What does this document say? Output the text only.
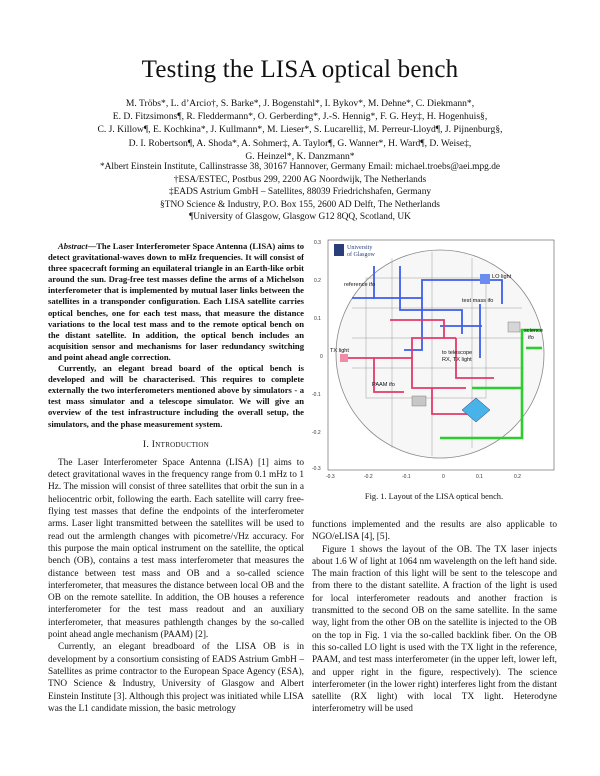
Testing the LISA optical bench
M. Tröbs*, L. d’Arcio†, S. Barke*, J. Bogenstahl*, I. Bykov*, M. Dehne*, C. Diekmann*,
E. D. Fitzsimons¶, R. Fleddermann*, O. Gerberding*, J.-S. Hennig*, F. G. Hey‡, H. Hogenhuis§,
C. J. Killow¶, E. Kochkina*, J. Kullmann*, M. Lieser*, S. Lucarelli‡, M. Perreur-Lloyd¶, J. Pijnenburg§,
D. I. Robertson¶, A. Shoda*, A. Sohmer‡, A. Taylor¶, G. Wanner*, H. Ward¶, D. Weise‡,
G. Heinzel*, K. Danzmann*
*Albert Einstein Institute, Callinstrasse 38, 30167 Hannover, Germany Email: michael.troebs@aei.mpg.de
†ESA/ESTEC, Postbus 299, 2200 AG Noordwijk, The Netherlands
‡EADS Astrium GmbH – Satellites, 88039 Friedrichshafen, Germany
§TNO Science & Industry, P.O. Box 155, 2600 AD Delft, The Netherlands
¶University of Glasgow, Glasgow G12 8QQ, Scotland, UK

Abstract—The Laser Interferometer Space Antenna (LISA) aims to detect gravitational-waves down to mHz frequencies. It will consist of three spacecraft forming an equilateral triangle in an Earth-like orbit around the sun. Drag-free test masses define the arms of a Michelson interferometer that is implemented by mutual laser links between the satellites in a transponder configuration. Each LISA satellite carries optical benches, one for each test mass, that measure the distance variations to the local test mass and to the remote optical bench on the distant satellite. In addition, the optical bench includes an acquisition sensor and mechanisms for laser redundancy switching and point ahead angle correction.

Currently, an elegant bread board of the optical bench is developed and will be characterised. This requires to complete externally the two interferometers mentioned above by simulators - a test mass simulator and a telescope simulator. We will give an overview of the test infrastructure including the overall setup, the simulators, and the phase measurement system.

I. Introduction

The Laser Interferometer Space Antenna (LISA) [1] aims to detect gravitational waves in the frequency range from 0.1 mHz to 1 Hz. The mission will consist of three satellites that orbit the sun in a heliocentric orbit, following the earth. Each satellite will carry free-flying test masses that define the endpoints of the interferometer arms. Laser light transmitted between the satellites will be used to read out the armlength changes with picometre/√Hz accuracy. For this purpose the main optical instrument on the satellite, the optical bench (OB), contains a test mass interferometer that measures the distance between test mass and OB and a so-called science interferometer, that measures the distance between local OB and the OB on the remote satellite. In addition, the OB houses a reference interferometer for the test mass readout and an auxiliary interferometer, that measures pathlength changes by the so-called point ahead angle mechanism (PAAM) [2].

Currently, an elegant breadboard of the LISA OB is in development by a consortium consisting of EADS Astrium GmbH – Satellites as prime contractor to the European Space Agency (ESA), TNO Science & Industry, University of Glasgow and Albert Einstein Institute [3]. Although this project was initiated while LISA was the L1 candidate mission, the basic metrology

University
of Glasgow
LO light
reference ifo
test mass ifo
science
ifo
TX light	to telescope
RX, TX light
PAAM ifo
-0.3	-0.2	-0.1	0	0.1	0.2
0.3
0.2
0.1
0
-0.1
-0.2
-0.3
Fig. 1. Layout of the LISA optical bench.

functions implemented and the results are also applicable to NGO/eLISA [4], [5].

Figure 1 shows the layout of the OB. The TX laser injects about 1.6 W of light at 1064 nm wavelength on the left hand side. The main fraction of this light will be sent to the telescope and from there to the distant satellite. A fraction of the light is used for local interferometer readouts and another fraction is transmitted to the second OB on the same satellite. In the same way, light from the other OB on the satellite is injected to the OB on the top in Fig. 1 via the so-called backlink fiber. On the OB this so-called LO light is used with the TX light in the reference, PAAM, and test mass interferometer (in the upper left, lower left, and upper right in the figure, respectively). The science interferometer (in the lower right) interferes light from the distant satellite (RX light) with local TX light. Heterodyne interferometry will be used
